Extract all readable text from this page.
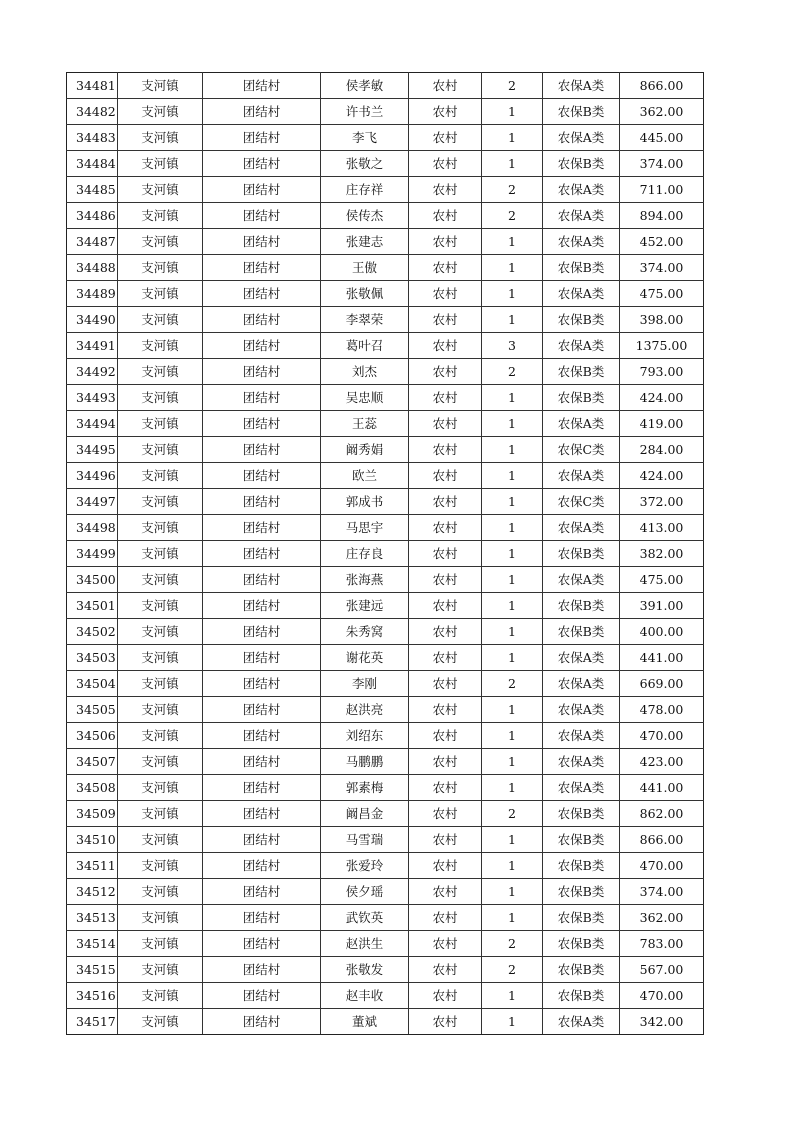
34481	支河镇	团结村	侯孝敏	农村	2	农保A类	866.00
34482	支河镇	团结村	许书兰	农村	1	农保B类	362.00
34483	支河镇	团结村	李飞	农村	1	农保A类	445.00
34484	支河镇	团结村	张敬之	农村	1	农保B类	374.00
34485	支河镇	团结村	庄存祥	农村	2	农保A类	711.00
34486	支河镇	团结村	侯传杰	农村	2	农保A类	894.00
34487	支河镇	团结村	张建志	农村	1	农保A类	452.00
34488	支河镇	团结村	王傲	农村	1	农保B类	374.00
34489	支河镇	团结村	张敬佩	农村	1	农保A类	475.00
34490	支河镇	团结村	李翠荣	农村	1	农保B类	398.00
34491	支河镇	团结村	葛叶召	农村	3	农保A类	1375.00
34492	支河镇	团结村	刘杰	农村	2	农保B类	793.00
34493	支河镇	团结村	吴忠顺	农村	1	农保B类	424.00
34494	支河镇	团结村	王蕊	农村	1	农保A类	419.00
34495	支河镇	团结村	阚秀娟	农村	1	农保C类	284.00
34496	支河镇	团结村	欧兰	农村	1	农保A类	424.00
34497	支河镇	团结村	郭成书	农村	1	农保C类	372.00
34498	支河镇	团结村	马思宇	农村	1	农保A类	413.00
34499	支河镇	团结村	庄存良	农村	1	农保B类	382.00
34500	支河镇	团结村	张海燕	农村	1	农保A类	475.00
34501	支河镇	团结村	张建远	农村	1	农保B类	391.00
34502	支河镇	团结村	朱秀窝	农村	1	农保B类	400.00
34503	支河镇	团结村	谢花英	农村	1	农保A类	441.00
34504	支河镇	团结村	李刚	农村	2	农保A类	669.00
34505	支河镇	团结村	赵洪亮	农村	1	农保A类	478.00
34506	支河镇	团结村	刘绍东	农村	1	农保A类	470.00
34507	支河镇	团结村	马鹏鹏	农村	1	农保A类	423.00
34508	支河镇	团结村	郭素梅	农村	1	农保A类	441.00
34509	支河镇	团结村	阚昌金	农村	2	农保B类	862.00
34510	支河镇	团结村	马雪瑞	农村	1	农保B类	866.00
34511	支河镇	团结村	张爱玲	农村	1	农保B类	470.00
34512	支河镇	团结村	侯夕瑶	农村	1	农保B类	374.00
34513	支河镇	团结村	武钦英	农村	1	农保B类	362.00
34514	支河镇	团结村	赵洪生	农村	2	农保B类	783.00
34515	支河镇	团结村	张敬发	农村	2	农保B类	567.00
34516	支河镇	团结村	赵丰收	农村	1	农保B类	470.00
34517	支河镇	团结村	董斌	农村	1	农保A类	342.00
